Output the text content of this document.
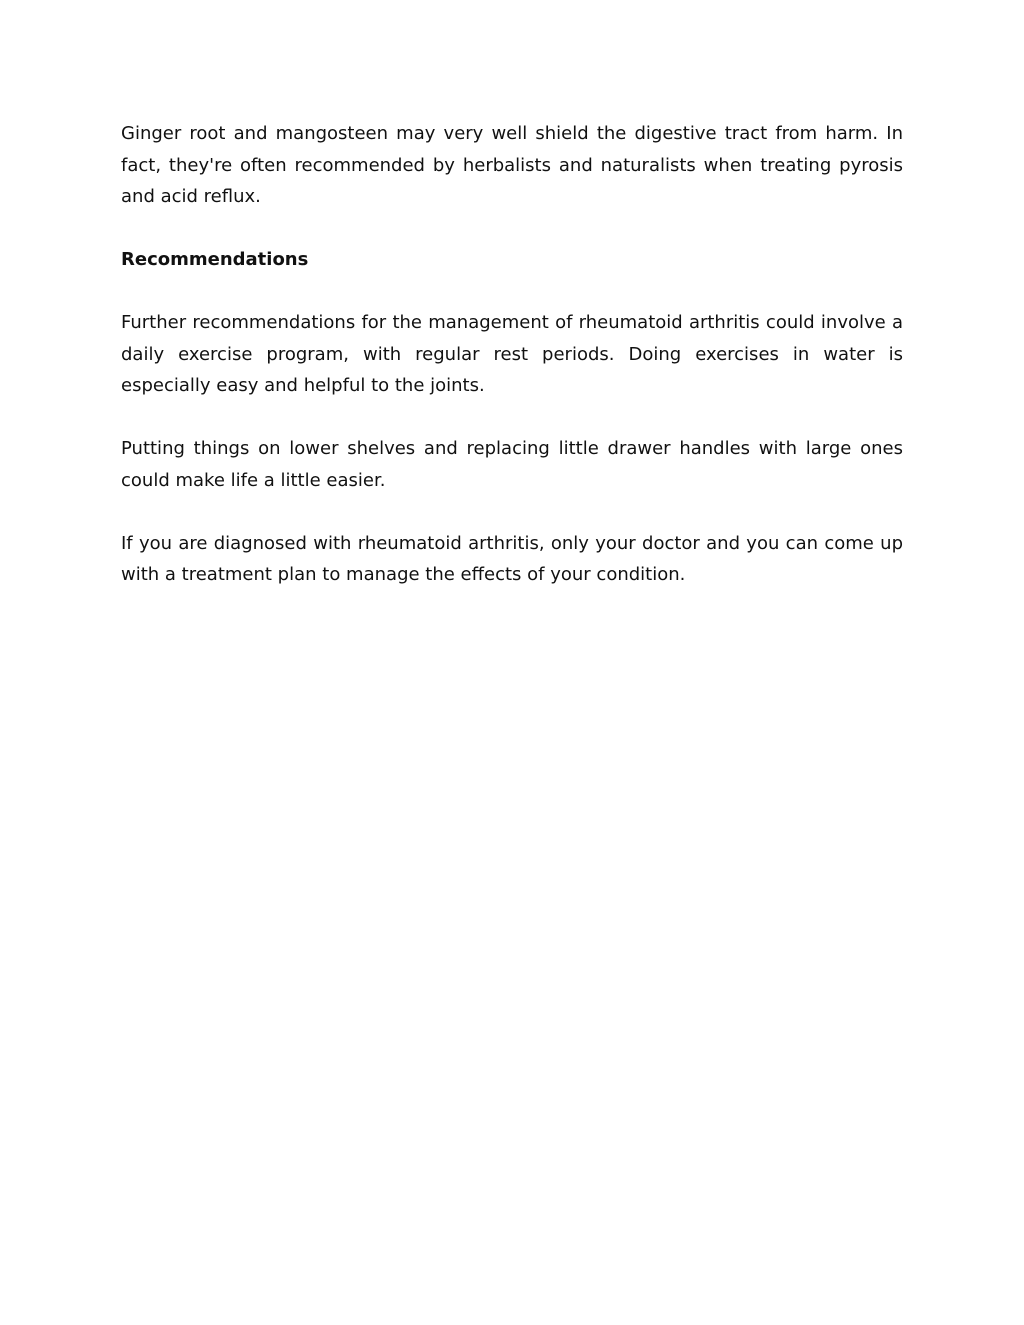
Ginger root and mangosteen may very well shield the digestive tract from harm. In fact, they're often recommended by herbalists and naturalists when treating pyrosis and acid reflux.

Recommendations

Further recommendations for the management of rheumatoid arthritis could involve a daily exercise program, with regular rest periods. Doing exercises in water is especially easy and helpful to the joints.

Putting things on lower shelves and replacing little drawer handles with large ones could make life a little easier.

If you are diagnosed with rheumatoid arthritis, only your doctor and you can come up with a treatment plan to manage the effects of your condition.
